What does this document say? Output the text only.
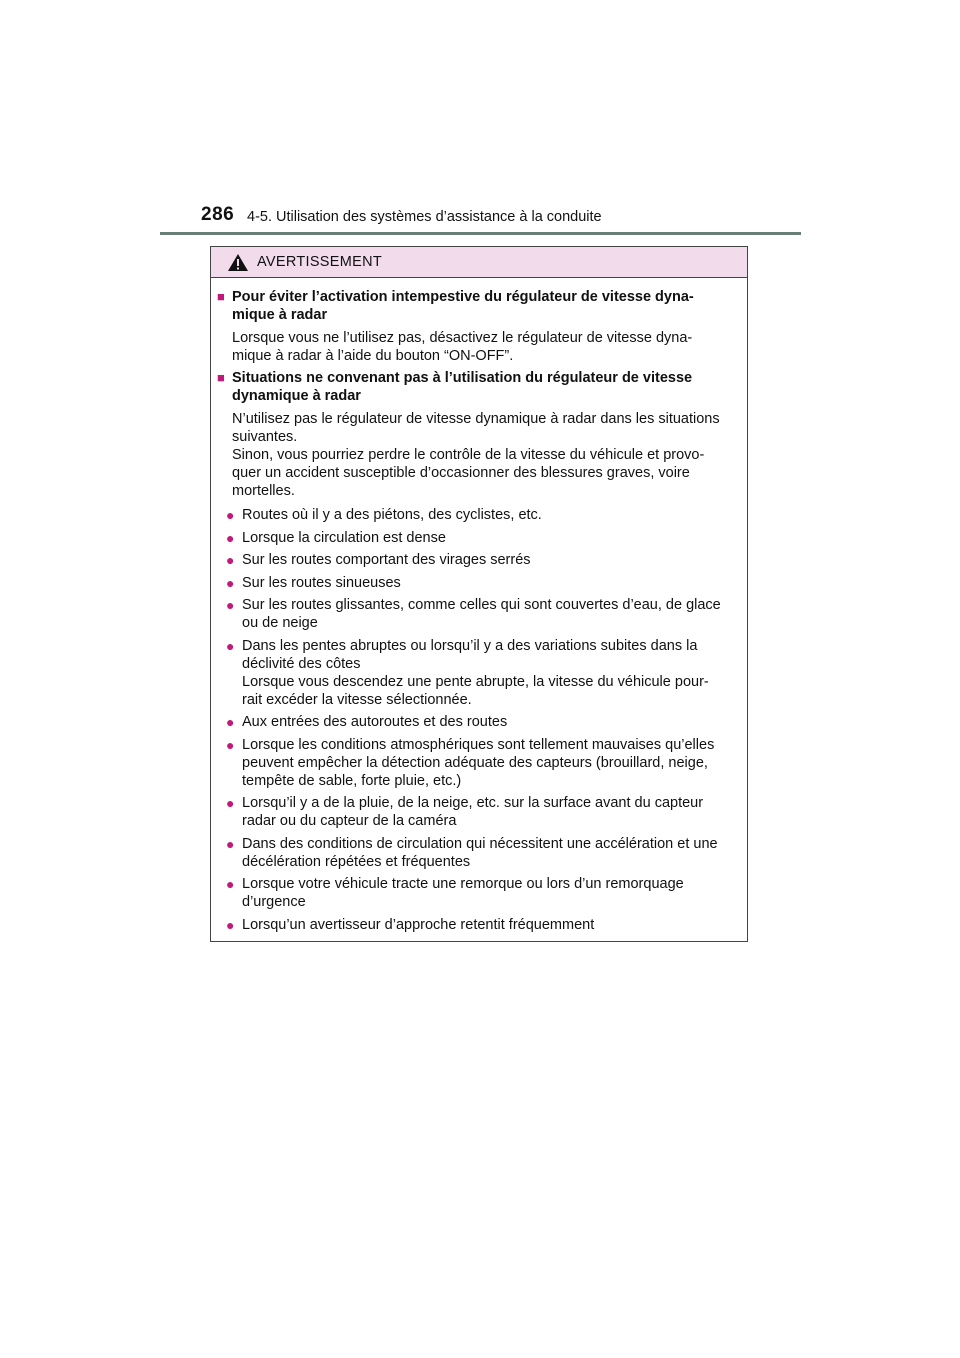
286 4-5. Utilisation des systèmes d’assistance à la conduite
AVERTISSEMENT
■ Pour éviter l’activation intempestive du régulateur de vitesse dyna-
mique à radar

Lorsque vous ne l’utilisez pas, désactivez le régulateur de vitesse dyna-
mique à radar à l’aide du bouton “ON-OFF”.

■ Situations ne convenant pas à l’utilisation du régulateur de vitesse
dynamique à radar

N’utilisez pas le régulateur de vitesse dynamique à radar dans les situations
suivantes.

Sinon, vous pourriez perdre le contrôle de la vitesse du véhicule et provo-
quer un accident susceptible d’occasionner des blessures graves, voire
mortelles.

● Routes où il y a des piétons, des cyclistes, etc.
● Lorsque la circulation est dense
● Sur les routes comportant des virages serrés
● Sur les routes sinueuses
● Sur les routes glissantes, comme celles qui sont couvertes d’eau, de glace
ou de neige
● Dans les pentes abruptes ou lorsqu’il y a des variations subites dans la
déclivité des côtes
Lorsque vous descendez une pente abrupte, la vitesse du véhicule pour-
rait excéder la vitesse sélectionnée.
● Aux entrées des autoroutes et des routes
● Lorsque les conditions atmosphériques sont tellement mauvaises qu’elles
peuvent empêcher la détection adéquate des capteurs (brouillard, neige,
tempête de sable, forte pluie, etc.)
● Lorsqu’il y a de la pluie, de la neige, etc. sur la surface avant du capteur
radar ou du capteur de la caméra
● Dans des conditions de circulation qui nécessitent une accélération et une
décélération répétées et fréquentes
● Lorsque votre véhicule tracte une remorque ou lors d’un remorquage
d’urgence
● Lorsqu’un avertisseur d’approche retentit fréquemment
